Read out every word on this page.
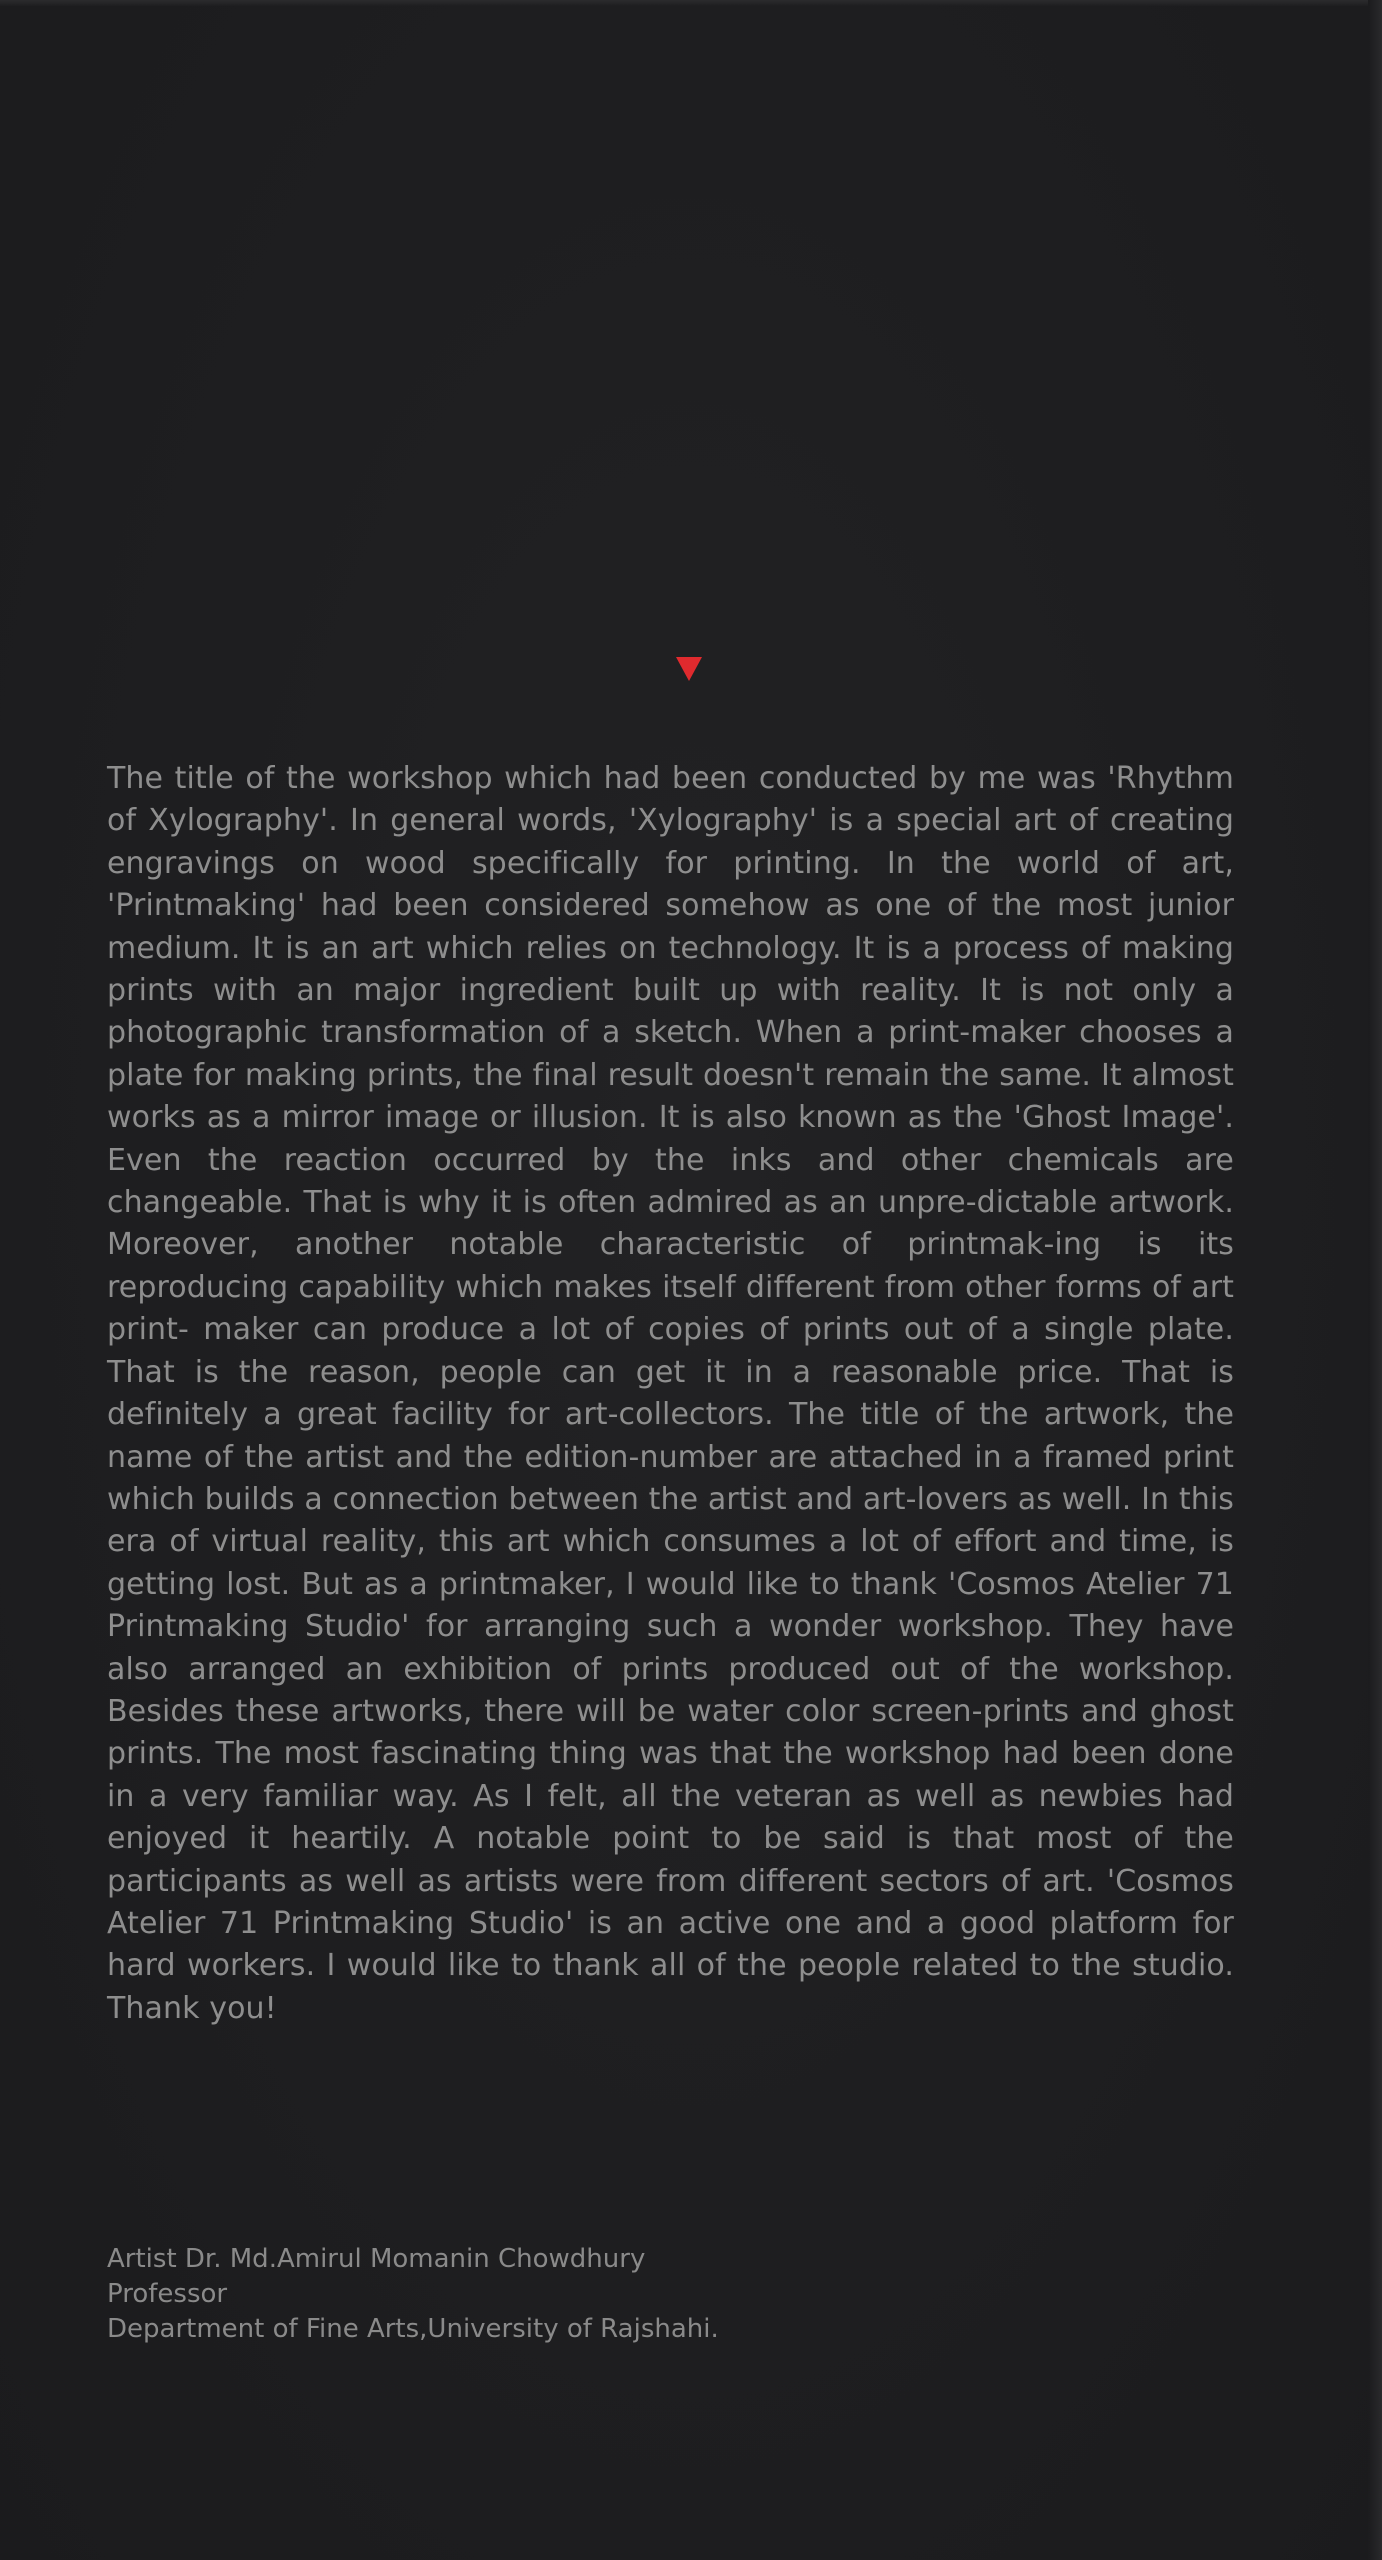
The title of the workshop which had been conducted by me was 'Rhythm of Xylography'. In general words, 'Xylography' is a special art of creating engravings on wood specifically for printing. In the world of art, 'Printmaking' had been considered somehow as one of the most junior medium. It is an art which relies on technology. It is a process of making prints with an major ingredient built up with reality. It is not only a photographic transformation of a sketch. When a print-maker chooses a plate for making prints, the final result doesn't remain the same. It almost works as a mirror image or illusion. It is also known as the 'Ghost Image'. Even the reaction occurred by the inks and other chemicals are changeable. That is why it is often admired as an unpre-dictable artwork. Moreover, another notable characteristic of printmak-ing is its reproducing capability which makes itself different from other forms of art print- maker can produce a lot of copies of prints out of a single plate. That is the reason, people can get it in a reasonable price. That is definitely a great facility for art-collectors. The title of the artwork, the name of the artist and the edition-number are attached in a framed print which builds a connection between the artist and art-lovers as well. In this era of virtual reality, this art which consumes a lot of effort and time, is getting lost. But as a printmaker, I would like to thank 'Cosmos Atelier 71 Printmaking Studio' for arranging such a wonder workshop. They have also arranged an exhibition of prints produced out of the workshop. Besides these artworks, there will be water color screen-prints and ghost prints. The most fascinating thing was that the workshop had been done in a very familiar way. As I felt, all the veteran as well as newbies had enjoyed it heartily. A notable point to be said is that most of the participants as well as artists were from different sectors of art. 'Cosmos Atelier 71 Printmaking Studio' is an active one and a good platform for hard workers. I would like to thank all of the people related to the studio. Thank you!

Artist Dr. Md.Amirul Momanin Chowdhury
Professor
Department of Fine Arts,University of Rajshahi.
